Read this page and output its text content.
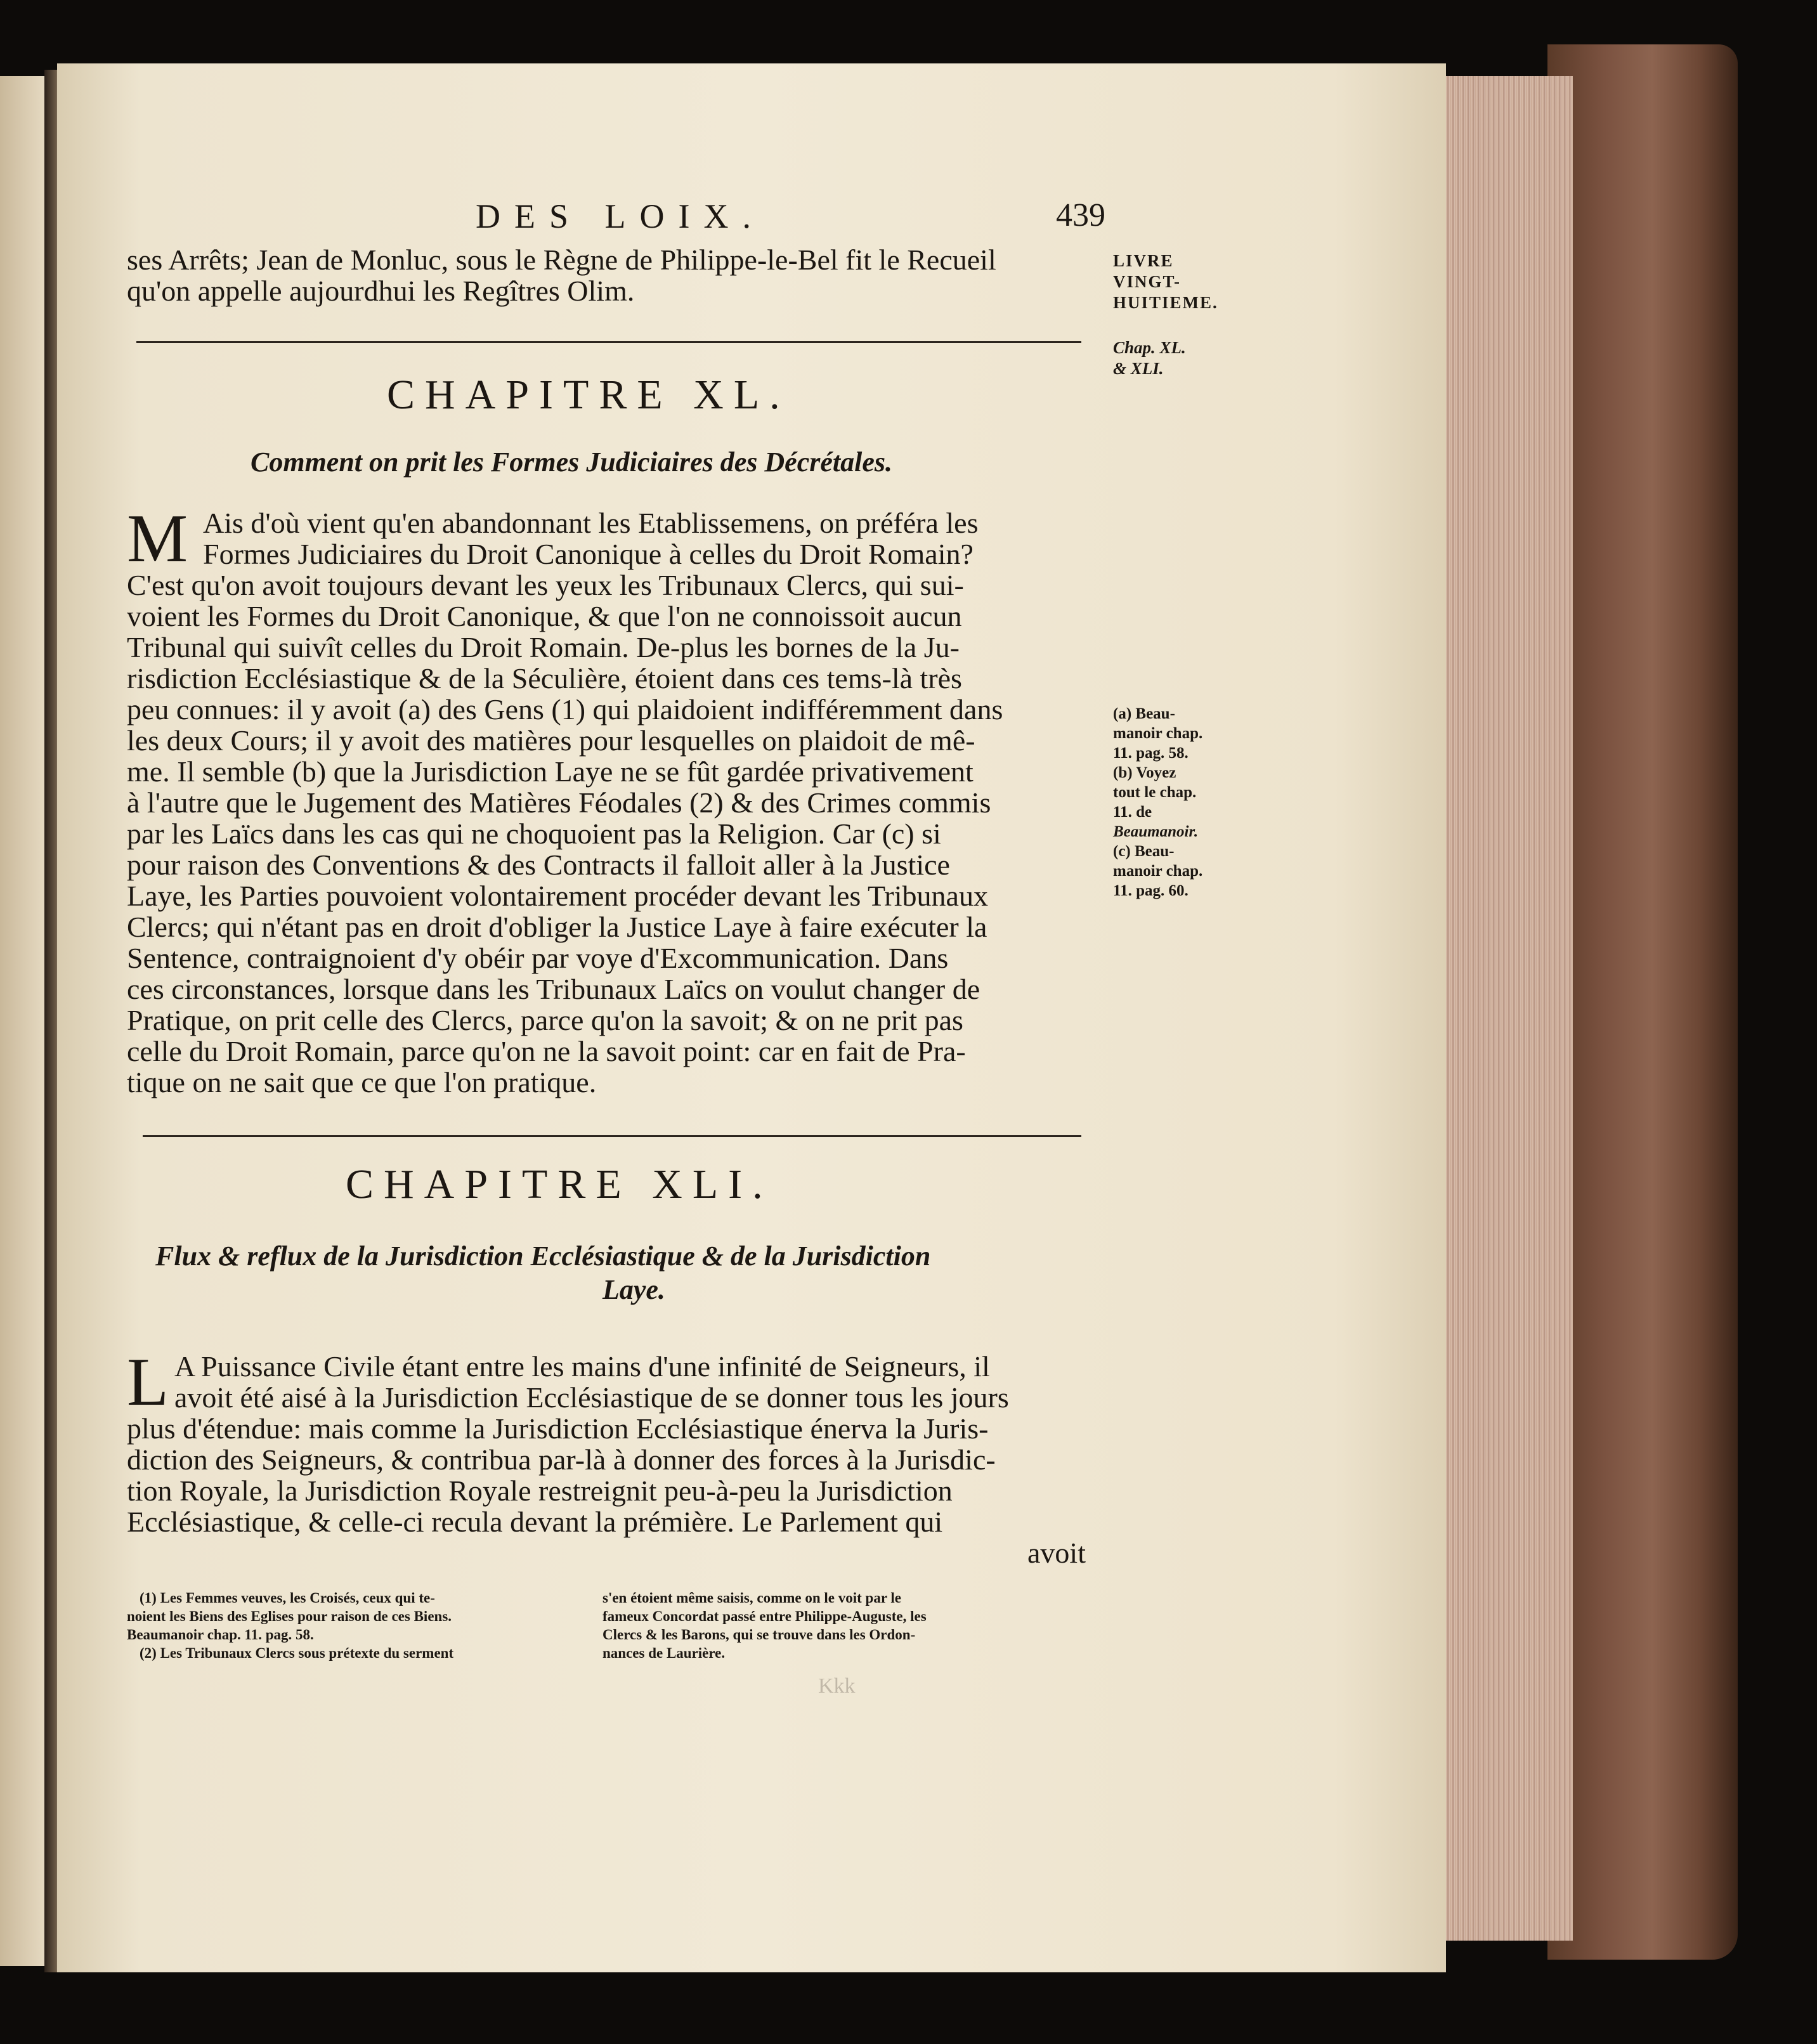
DES LOIX.	439
LIVRE
VINGT-
HUITIEME.
Chap. XL.
& XLI.
ses Arrêts; Jean de Monluc, sous le Règne de Philippe-le-Bel fit le Recueil
qu'on appelle aujourdhui les Regîtres Olim.
CHAPITRE XL.
Comment on prit les Formes Judiciaires des Décrétales.
M Ais d'où vient qu'en abandonnant les Etablissemens, on préféra les
Formes Judiciaires du Droit Canonique à celles du Droit Romain?
C'est qu'on avoit toujours devant les yeux les Tribunaux Clercs, qui sui-
voient les Formes du Droit Canonique, & que l'on ne connoissoit aucun
Tribunal qui suivît celles du Droit Romain. De-plus les bornes de la Ju-
risdiction Ecclésiastique & de la Séculière, étoient dans ces tems-là très
peu connues: il y avoit (a) des Gens (1) qui plaidoient indifféremment dans
les deux Cours; il y avoit des matières pour lesquelles on plaidoit de mê-
me. Il semble (b) que la Jurisdiction Laye ne se fût gardée privativement
à l'autre que le Jugement des Matières Féodales (2) & des Crimes commis
par les Laïcs dans les cas qui ne choquoient pas la Religion. Car (c) si
pour raison des Conventions & des Contracts il falloit aller à la Justice
Laye, les Parties pouvoient volontairement procéder devant les Tribunaux
Clercs; qui n'étant pas en droit d'obliger la Justice Laye à faire exécuter la
Sentence, contraignoient d'y obéir par voye d'Excommunication. Dans
ces circonstances, lorsque dans les Tribunaux Laïcs on voulut changer de
Pratique, on prit celle des Clercs, parce qu'on la savoit; & on ne prit pas
celle du Droit Romain, parce qu'on ne la savoit point: car en fait de Pra-
tique on ne sait que ce que l'on pratique.
(a) Beau-
manoir chap.
11. pag. 58.
(b) Voyez
tout le chap.
11. de
Beaumanoir.
(c) Beau-
manoir chap.
11. pag. 60.
CHAPITRE XLI.
Flux & reflux de la Jurisdiction Ecclésiastique & de la Jurisdiction
Laye.
L A Puissance Civile étant entre les mains d'une infinité de Seigneurs, il
avoit été aisé à la Jurisdiction Ecclésiastique de se donner tous les jours
plus d'étendue: mais comme la Jurisdiction Ecclésiastique énerva la Juris-
diction des Seigneurs, & contribua par-là à donner des forces à la Jurisdic-
tion Royale, la Jurisdiction Royale restreignit peu-à-peu la Jurisdiction
Ecclésiastique, & celle-ci recula devant la prémière. Le Parlement qui
avoit
(1) Les Femmes veuves, les Croisés, ceux qui te-
noient les Biens des Eglises pour raison de ces Biens.
Beaumanoir chap. 11. pag. 58.
(2) Les Tribunaux Clercs sous prétexte du serment
s'en étoient même saisis, comme on le voit par le
fameux Concordat passé entre Philippe-Auguste, les
Clercs & les Barons, qui se trouve dans les Ordon-
nances de Laurière.
Kkk
